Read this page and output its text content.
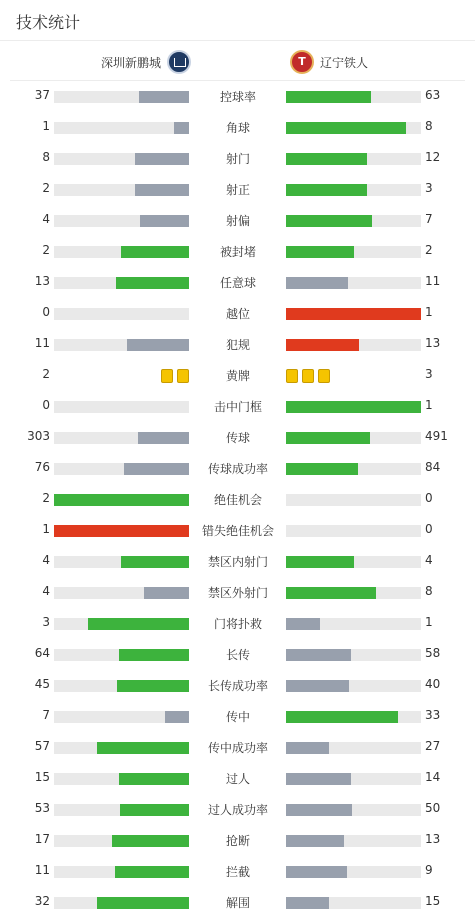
技术统计
深圳新鹏城
T	辽宁铁人
37	控球率	63
1	角球	8
8	射门	12
2	射正	3
4	射偏	7
2	被封堵	2
13	任意球	11
0	越位	1
11	犯规	13
2	黄牌	3
0	击中门框	1
303	传球	491
76	传球成功率	84
2	绝佳机会	0
1	错失绝佳机会	0
4	禁区内射门	4
4	禁区外射门	8
3	门将扑救	1
64	长传	58
45	长传成功率	40
7	传中	33
57	传中成功率	27
15	过人	14
53	过人成功率	50
17	抢断	13
11	拦截	9
32	解围	15
